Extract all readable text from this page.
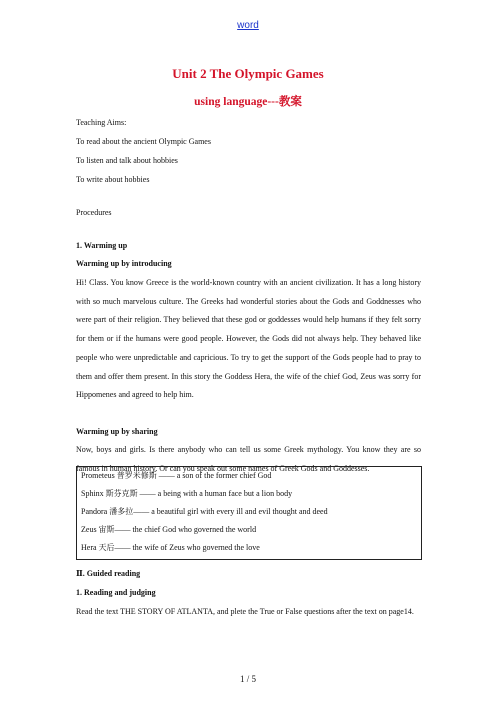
word
Unit 2 The Olympic Games
using language---教案
Teaching Aims:
To read about the ancient Olympic Games
To listen and talk about hobbies
To write about hobbies
Procedures
1. Warming up
Warming up by introducing
Hi! Class. You know Greece is the world-known country with an ancient civilization. It has a long history with so much marvelous culture. The Greeks had wonderful stories about the Gods and Goddnesses who were part of their religion. They believed that these god or goddesses would help humans if they felt sorry for them or if the humans were good people. However, the Gods did not always help. They behaved like people who were unpredictable and capricious. To try to get the support of the Gods people had to pray to them and offer them present. In this story the Goddess Hera, the wife of the chief God, Zeus was sorry for Hippomenes and agreed to help him.
Warming up by sharing
Now, boys and girls. Is there anybody who can tell us some Greek mythology. You know they are so famous in human history. Or can you speak out some names of Greek Gods and Goddesses.
Prometeus 普罗米修斯 —— a son of the former chief God
Sphinx 斯芬克斯 —— a being with a human face but a lion body
Pandora 潘多拉—— a beautiful girl with every ill and evil thought and deed
Zeus 宙斯—— the chief God who governed the world
Hera 天后—— the wife of Zeus who governed the love
Ⅱ. Guided reading
1. Reading and judging
Read the text THE STORY OF ATLANTA, and plete the True or False questions after the text on page14.
1 / 5
